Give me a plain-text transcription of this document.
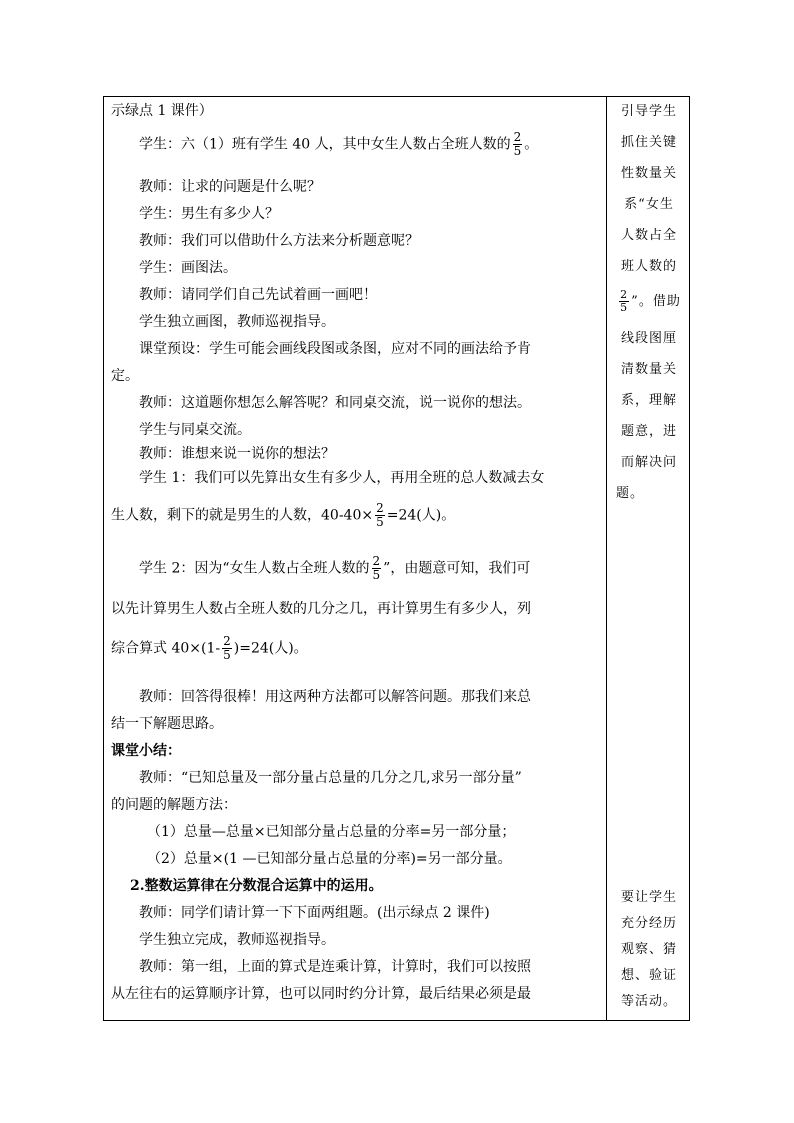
示绿点 1 课件）
学生：六（1）班有学生 40 人，其中女生人数占全班人数的 $\frac{2}{5}$ 。
教师：让求的问题是什么呢？
学生：男生有多少人？
教师：我们可以借助什么方法来分析题意呢？
学生：画图法。
教师：请同学们自己先试着画一画吧！
学生独立画图，教师巡视指导。
课堂预设：学生可能会画线段图或条图，应对不同的画法给予肯
定。
教师：这道题你想怎么解答呢？和同桌交流，说一说你的想法。
学生与同桌交流。
教师：谁想来说一说你的想法？
学生 1：我们可以先算出女生有多少人，再用全班的总人数减去女
生人数，剩下的就是男生的人数，$40-40\times \frac{2}{5} =24$(人)。
学生 2：因为“女生人数占全班人数的 $\frac{2}{5}$ ”，由题意可知，我们可
以先计算男生人数占全班人数的几分之几，再计算男生有多少人，列
综合算式 $40\times(1- \frac{2}{5} )=24$(人)。
教师：回答得很棒！用这两种方法都可以解答问题。那我们来总
结一下解题思路。
课堂小结：
教师：“已知总量及一部分量占总量的几分之几,求另一部分量”
的问题的解题方法：
（1）总量—总量×已知部分量占总量的分率=另一部分量；
（2）总量×(1 —已知部分量占总量的分率)=另一部分量。
2.整数运算律在分数混合运算中的运用。
教师：同学们请计算一下下面两组题。(出示绿点 2 课件)
学生独立完成，教师巡视指导。
教师：第一组，上面的算式是连乘计算，计算时，我们可以按照
从左往右的运算顺序计算，也可以同时约分计算，最后结果必须是最
引导学生
抓住关键
性数量关
系“女生
人数占全
班人数的
$\frac{2}{5}$ ”。借助
线段图厘
清数量关
系，理解
题意，进
而解决问
题。
要让学生
充分经历
观察、猜
想、验证
等活动。
